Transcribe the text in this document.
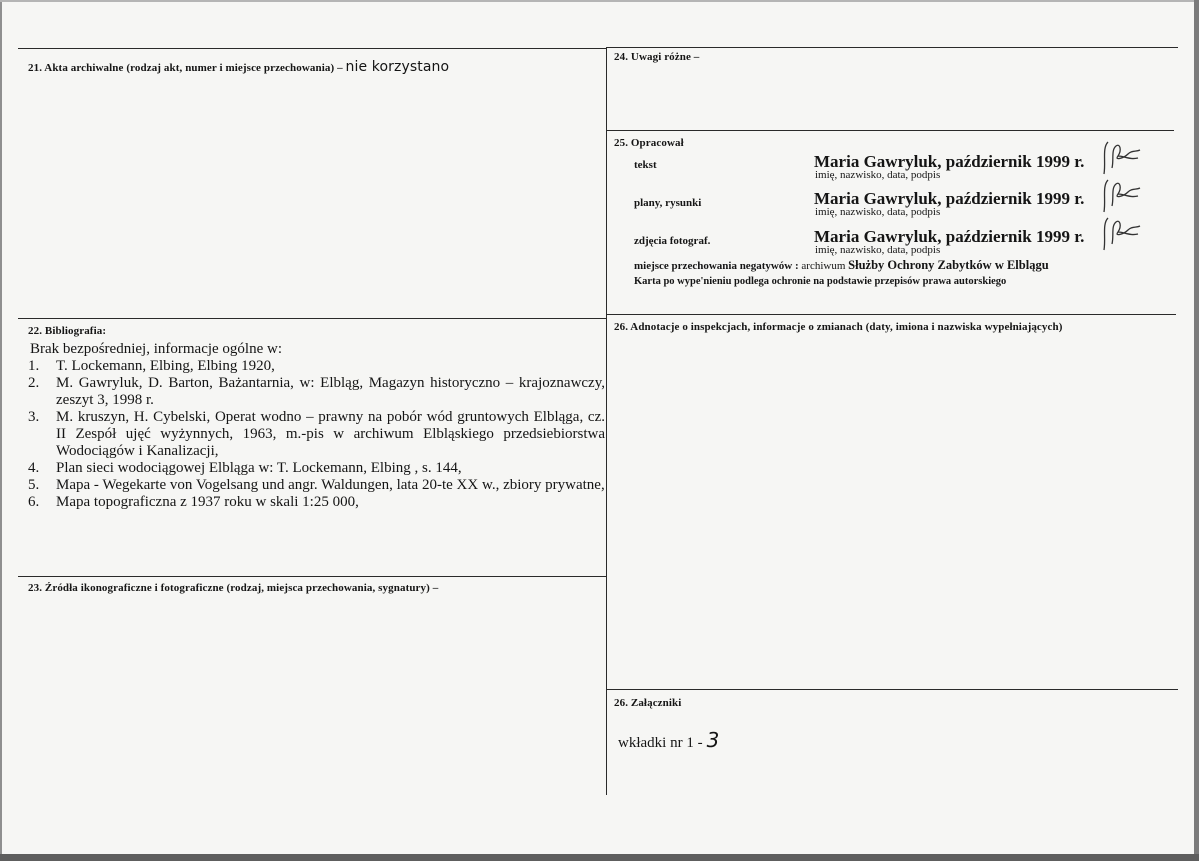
21. Akta archiwalne (rodzaj akt, numer i miejsce przechowania) – nie korzystano
24. Uwagi różne –
25. Opracował
tekst	Maria Gawryluk, październik 1999 r.
imię, nazwisko, data, podpis
plany, rysunki	Maria Gawryluk, październik 1999 r.
imię, nazwisko, data, podpis
zdjęcia fotograf.	Maria Gawryluk, październik 1999 r.
imię, nazwisko, data, podpis
miejsce przechowania negatywów : archiwum Służby Ochrony Zabytków w Elblągu
Karta po wype'nieniu podlega ochronie na podstawie przepisów prawa autorskiego
22. Bibliografia:

Brak bezpośredniej, informacje ogólne w:

1. T. Lockemann, Elbing, Elbing 1920,
2. M. Gawryluk, D. Barton, Bażantarnia, w: Elbląg, Magazyn historyczno – krajoznawczy, zeszyt 3, 1998 r.
3. M. kruszyn, H. Cybelski, Operat wodno – prawny na pobór wód gruntowych Elbląga, cz. II Zespół ujęć wyżynnych, 1963, m.-pis w archiwum Elbląskiego przedsiebiorstwa Wodociągów i Kanalizacji,
4. Plan sieci wodociągowej Elbląga w: T. Lockemann, Elbing , s. 144,
5. Mapa - Wegekarte von Vogelsang und angr. Waldungen, lata 20-te XX w., zbiory prywatne,
6. Mapa topograficzna z 1937 roku w skali 1:25 000,
26. Adnotacje o inspekcjach, informacje o zmianach (daty, imiona i nazwiska wypełniających)
23. Źródła ikonograficzne i fotograficzne (rodzaj, miejsca przechowania, sygnatury) –
26. Załączniki
wkładki nr 1 - 3
